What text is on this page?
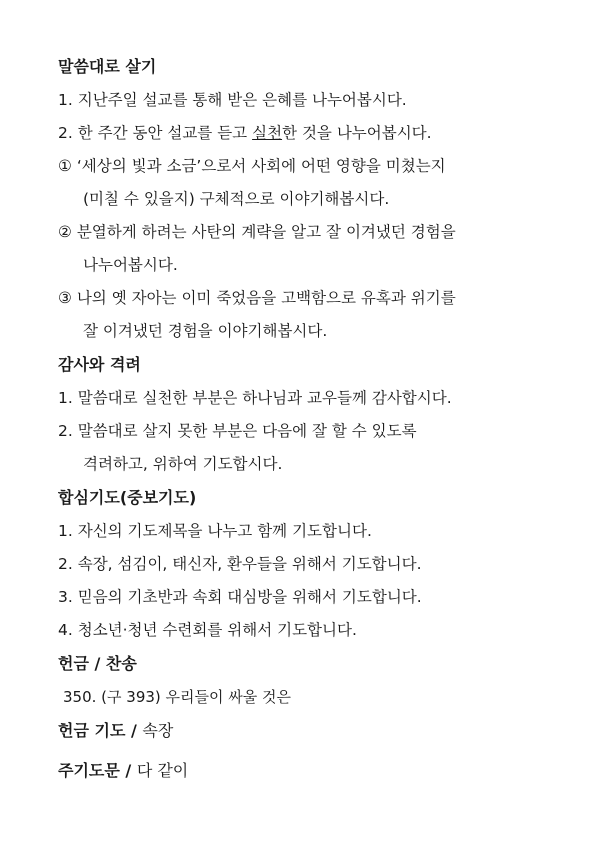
말씀대로 살기
1. 지난주일 설교를 통해 받은 은혜를 나누어봅시다.
2. 한 주간 동안 설교를 듣고 실천한 것을 나누어봅시다.
① ‘세상의 빛과 소금’으로서 사회에 어떤 영향을 미쳤는지
(미칠 수 있을지) 구체적으로 이야기해봅시다.
② 분열하게 하려는 사탄의 계략을 알고 잘 이겨냈던 경험을
나누어봅시다.
③ 나의 옛 자아는 이미 죽었음을 고백함으로 유혹과 위기를
잘 이겨냈던 경험을 이야기해봅시다.
감사와 격려
1. 말씀대로 실천한 부분은 하나님과 교우들께 감사합시다.
2. 말씀대로 살지 못한 부분은 다음에 잘 할 수 있도록
격려하고, 위하여 기도합시다.
합심기도(중보기도)
1. 자신의 기도제목을 나누고 함께 기도합니다.
2. 속장, 섬김이, 태신자, 환우들을 위해서 기도합니다.
3. 믿음의 기초반과 속회 대심방을 위해서 기도합니다.
4. 청소년·청년 수련회를 위해서 기도합니다.
헌금 / 찬송
350. (구 393) 우리들이 싸울 것은
헌금 기도 / 속장
주기도문 / 다 같이
